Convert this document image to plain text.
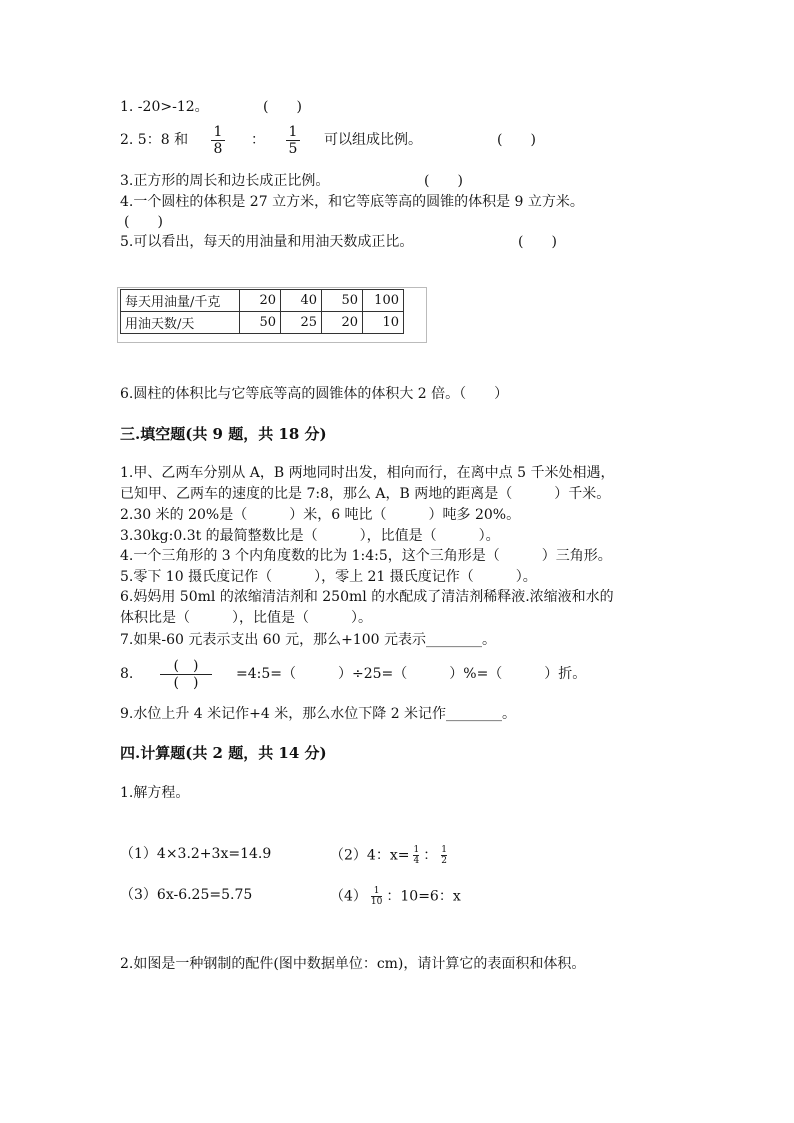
1. -20>-12。	(　　)
2. 5：8 和 $\frac{1}{8}$ ： $\frac{1}{5}$ 可以组成比例。	(　　)
3.正方形的周长和边长成正比例。	(　　)
4.一个圆柱的体积是 27 立方米，和它等底等高的圆锥的体积是 9 立方米。
(　　)
5.可以看出，每天的用油量和用油天数成正比。	(　　)
每天用油量/千克	20	40	50	100
用油天数/天	50	25	20	10
6.圆柱的体积比与它等底等高的圆锥体的体积大 2 倍。（　　）
三.填空题(共 9 题，共 18 分)
1.甲、乙两车分别从 A，B 两地同时出发，相向而行，在离中点 5 千米处相遇，
已知甲、乙两车的速度的比是 7:8，那么 A，B 两地的距离是（　　　）千米。
2.30 米的 20%是（　　　）米，6 吨比（　　　）吨多 20%。
3.30kg:0.3t 的最简整数比是（　　　），比值是（　　　）。
4.一个三角形的 3 个内角度数的比为 1:4:5，这个三角形是（　　　）三角形。
5.零下 10 摄氏度记作（　　　），零上 21 摄氏度记作（　　　）。
6.妈妈用 50ml 的浓缩清洁剂和 250ml 的水配成了清洁剂稀释液.浓缩液和水的
体积比是（　　　），比值是（　　　）。
7.如果-60 元表示支出 60 元，那么+100 元表示________。
8.	(　)
(　)
=4:5=（　　　）÷25=（　　　）%=（　　　）折。
9.水位上升 4 米记作+4 米，那么水位下降 2 米记作________。
四.计算题(共 2 题，共 14 分)
1.解方程。
（1）4×3.2+3x=14.9	（2）4：$x= \frac{1}{4}$ ： $\frac{1}{2}$
（3）6x-6.25=5.75	$(4) \frac{1}{10}$ ：10=6：x
2.如图是一种钢制的配件(图中数据单位：cm)，请计算它的表面积和体积。
